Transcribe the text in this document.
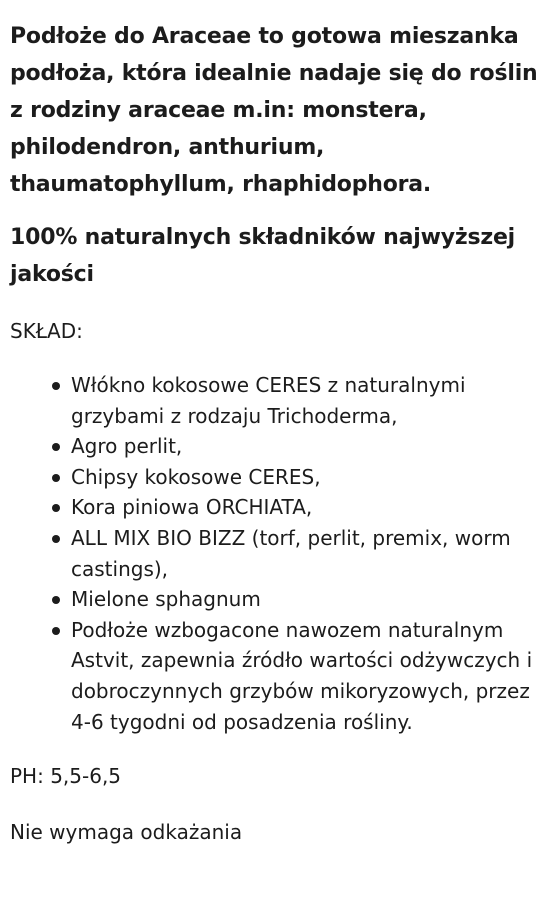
Podłoże do Araceae to gotowa mieszanka podłoża, która idealnie nadaje się do roślin z rodziny araceae m.in: monstera, philodendron, anthurium, thaumatophyllum, rhaphidophora.

100% naturalnych składników najwyższej jakości

SKŁAD:

Włókno kokosowe CERES z naturalnymi grzybami z rodzaju Trichoderma,
Agro perlit,
Chipsy kokosowe CERES,
Kora piniowa ORCHIATA,
ALL MIX BIO BIZZ (torf, perlit, premix, worm castings),
Mielone sphagnum
Podłoże wzbogacone nawozem naturalnym Astvit, zapewnia źródło wartości odżywczych i dobroczynnych grzybów mikoryzowych, przez 4-6 tygodni od posadzenia rośliny.

PH: 5,5-6,5

Nie wymaga odkażania
